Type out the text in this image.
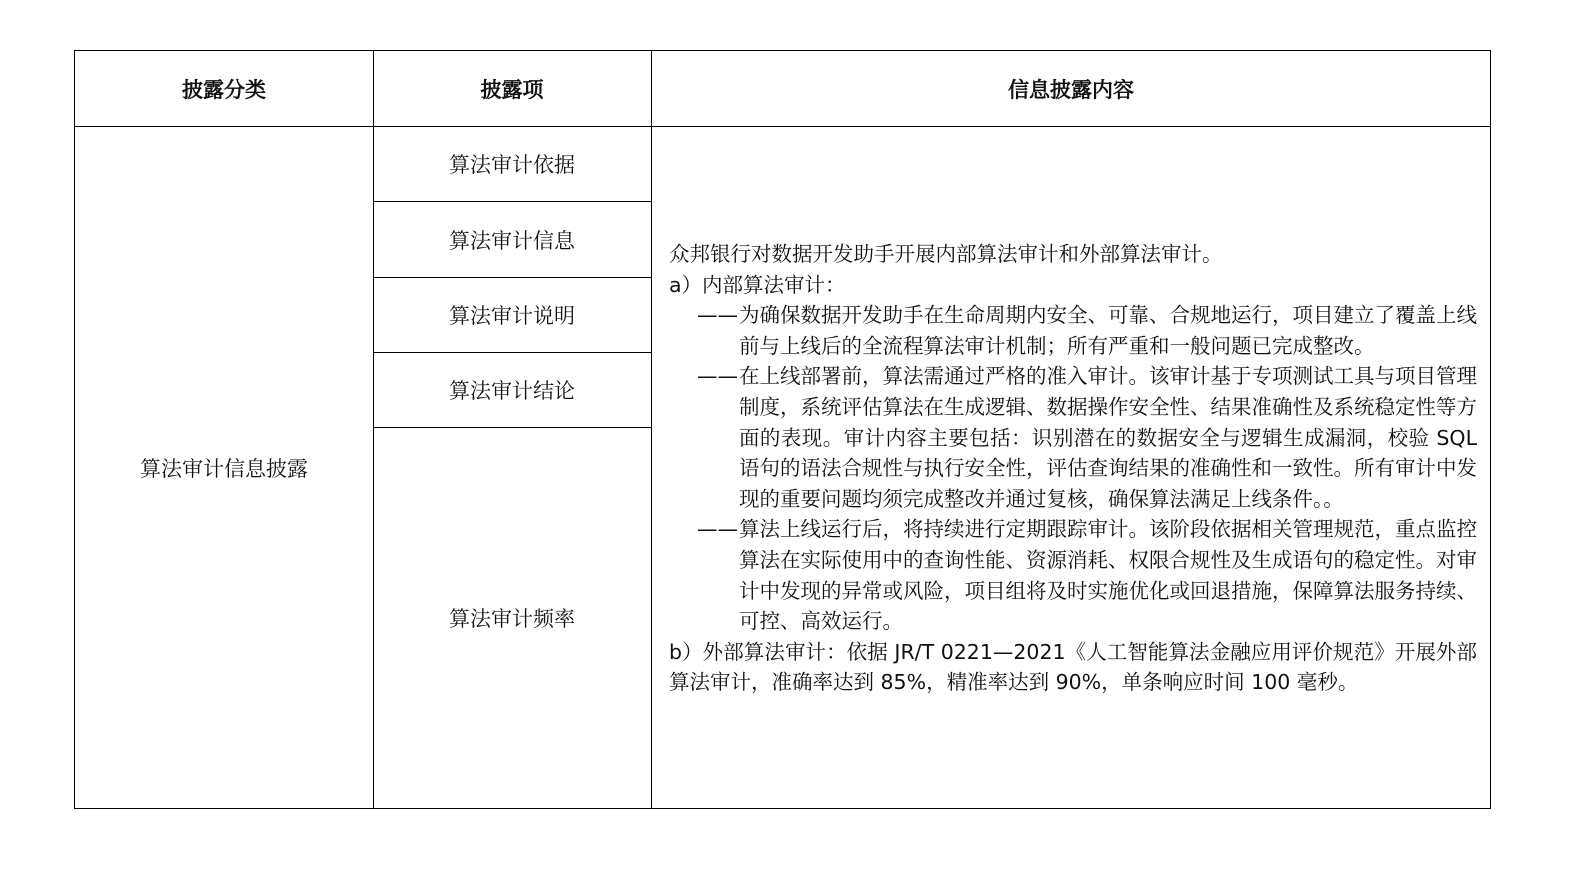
披露分类	披露项	信息披露内容
算法审计信息披露
算法审计依据
算法审计信息
算法审计说明
算法审计结论
算法审计频率
众邦银行对数据开发助手开展内部算法审计和外部算法审计。
a）内部算法审计：
—— 为确保数据开发助手在生命周期内安全、可靠、合规地运行，项目建立了覆盖上线前与上线后的全流程算法审计机制；所有严重和一般问题已完成整改。
—— 在上线部署前，算法需通过严格的准入审计。该审计基于专项测试工具与项目管理制度，系统评估算法在生成逻辑、数据操作安全性、结果准确性及系统稳定性等方面的表现。审计内容主要包括：识别潜在的数据安全与逻辑生成漏洞，校验 SQL 语句的语法合规性与执行安全性，评估查询结果的准确性和一致性。所有审计中发现的重要问题均须完成整改并通过复核，确保算法满足上线条件。。
—— 算法上线运行后，将持续进行定期跟踪审计。该阶段依据相关管理规范，重点监控算法在实际使用中的查询性能、资源消耗、权限合规性及生成语句的稳定性。对审计中发现的异常或风险，项目组将及时实施优化或回退措施，保障算法服务持续、可控、高效运行。
b）外部算法审计：依据 JR/T 0221—2021《人工智能算法金融应用评价规范》开展外部算法审计，准确率达到 85%，精准率达到 90%，单条响应时间 100 毫秒。
